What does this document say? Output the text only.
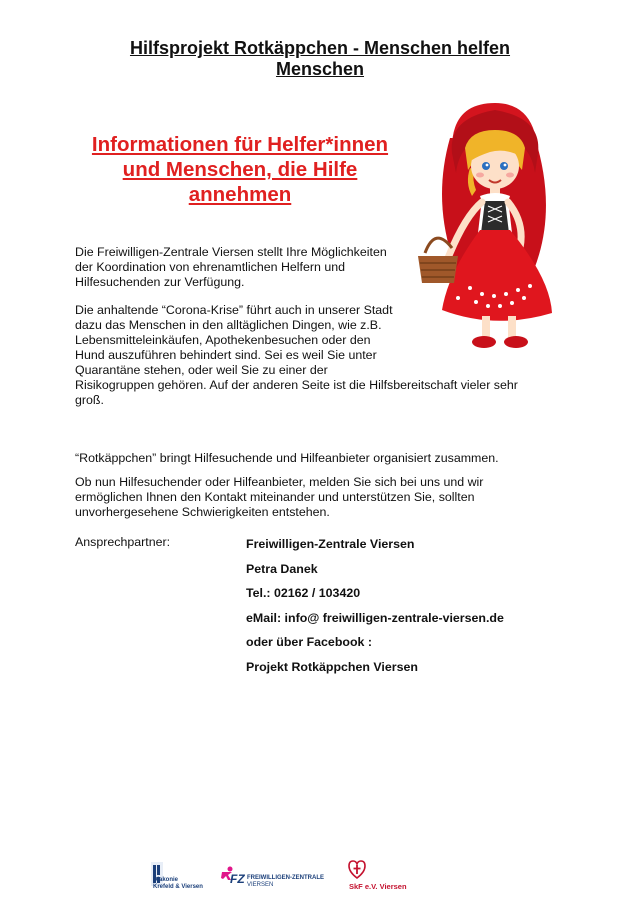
Hilfsprojekt Rotkäppchen - Menschen helfen
Menschen
Informationen für Helfer*innen
und Menschen, die Hilfe
annehmen
Die Freiwilligen-Zentrale Viersen stellt Ihre Möglichkeiten
der Koordination von ehrenamtlichen Helfern und
Hilfesuchenden zur Verfügung.
Die anhaltende “Corona-Krise” führt auch in unserer Stadt
dazu das Menschen in den alltäglichen Dingen, wie z.B.
Lebensmitteleinkäufen, Apothekenbesuchen oder den
Hund auszuführen behindert sind. Sei es weil Sie unter
Quarantäne stehen, oder weil Sie zu einer der
Risikogruppen gehören. Auf der anderen Seite ist die Hilfsbereitschaft vieler sehr
groß.
“Rotkäppchen” bringt Hilfesuchende und Hilfeanbieter organisiert zusammen.
Ob nun Hilfesuchender oder Hilfeanbieter, melden Sie sich bei uns und wir
ermöglichen Ihnen den Kontakt miteinander und unterstützen Sie, sollten
unvorhergesehene Schwierigkeiten entstehen.
Ansprechpartner:	Freiwilligen-Zentrale Viersen
Petra Danek
Tel.: 02162 / 103420
eMail: info@ freiwilligen-zentrale-viersen.de
oder über Facebook :
Projekt Rotkäppchen Viersen
Diakonie
Krefeld & Viersen
FZ FREIWILLIGEN-ZENTRALE
VIERSEN	SkF e.V. Viersen
